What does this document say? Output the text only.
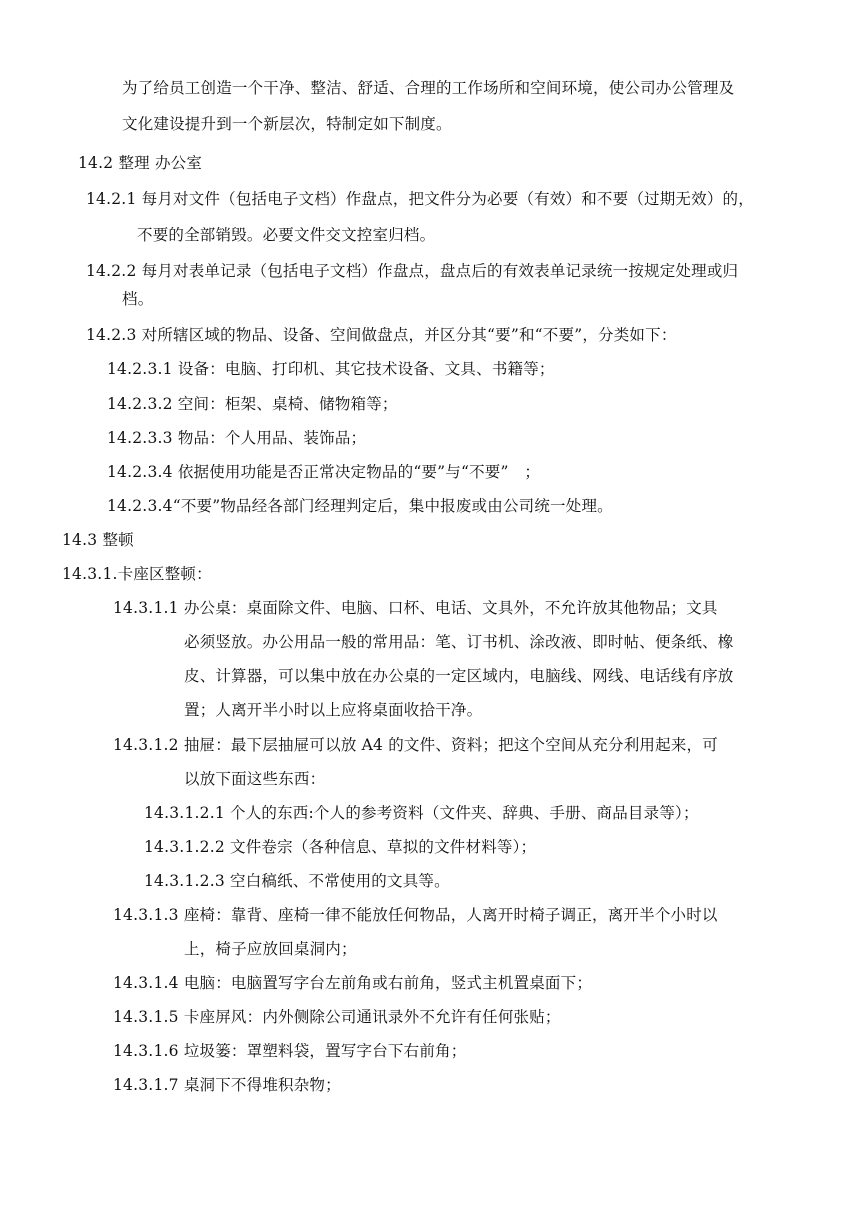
为了给员工创造一个干净、整洁、舒适、合理的工作场所和空间环境，使公司办公管理及
文化建设提升到一个新层次，特制定如下制度。
14.2 整理 办公室
14.2.1 每月对文件（包括电子文档）作盘点，把文件分为必要（有效）和不要（过期无效）的，
不要的全部销毁。必要文件交文控室归档。
14.2.2 每月对表单记录（包括电子文档）作盘点，盘点后的有效表单记录统一按规定处理或归
档。
14.2.3 对所辖区域的物品、设备、空间做盘点，并区分其“要”和“不要”，分类如下：
14.2.3.1 设备：电脑、打印机、其它技术设备、文具、书籍等；
14.2.3.2 空间：柜架、桌椅、储物箱等；
14.2.3.3 物品：个人用品、装饰品；
14.2.3.4 依据使用功能是否正常决定物品的“要”与“不要”　；
14.2.3.4“不要”物品经各部门经理判定后，集中报废或由公司统一处理。
14.3 整顿
14.3.1.卡座区整顿：
14.3.1.1 办公桌：桌面除文件、电脑、口杯、电话、文具外，不允许放其他物品；文具
必须竖放。办公用品一般的常用品：笔、订书机、涂改液、即时帖、便条纸、橡
皮、计算器，可以集中放在办公桌的一定区域内，电脑线、网线、电话线有序放
置；人离开半小时以上应将桌面收拾干净。
14.3.1.2 抽屉：最下层抽屉可以放 A4 的文件、资料；把这个空间从充分利用起来，可
以放下面这些东西：
14.3.1.2.1 个人的东西:个人的参考资料（文件夹、辞典、手册、商品目录等）；
14.3.1.2.2 文件卷宗（各种信息、草拟的文件材料等）；
14.3.1.2.3 空白稿纸、不常使用的文具等。
14.3.1.3 座椅：靠背、座椅一律不能放任何物品，人离开时椅子调正，离开半个小时以
上，椅子应放回桌洞内；
14.3.1.4 电脑：电脑置写字台左前角或右前角，竖式主机置桌面下；
14.3.1.5 卡座屏风：内外侧除公司通讯录外不允许有任何张贴；
14.3.1.6 垃圾篓：罩塑料袋，置写字台下右前角；
14.3.1.7 桌洞下不得堆积杂物；
